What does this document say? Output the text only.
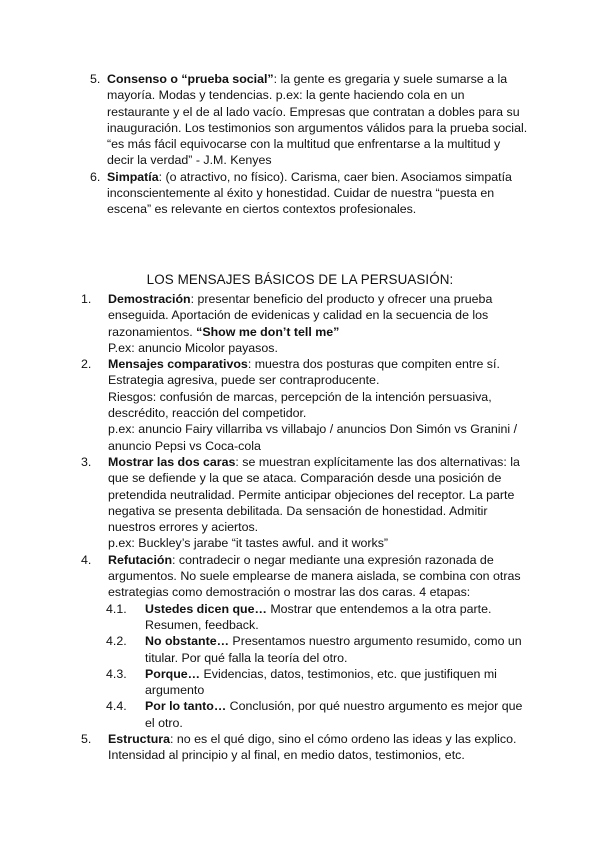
5. Consenso o “prueba social”: la gente es gregaria y suele sumarse a la mayoría. Modas y tendencias. p.ex: la gente haciendo cola en un restaurante y el de al lado vacío. Empresas que contratan a dobles para su inauguración. Los testimonios son argumentos válidos para la prueba social.
“es más fácil equivocarse con la multitud que enfrentarse a la multitud y decir la verdad” - J.M. Kenyes
6. Simpatía: (o atractivo, no físico). Carisma, caer bien. Asociamos simpatía inconscientemente al éxito y honestidad. Cuidar de nuestra “puesta en escena” es relevante en ciertos contextos profesionales.
LOS MENSAJES BÁSICOS DE LA PERSUASIÓN:
1. Demostración: presentar beneficio del producto y ofrecer una prueba enseguida. Aportación de evidenicas y calidad en la secuencia de los razonamientos. “Show me don’t tell me”
P.ex: anuncio Micolor payasos.
2. Mensajes comparativos: muestra dos posturas que compiten entre sí. Estrategia agresiva, puede ser contraproducente.
Riesgos: confusión de marcas, percepción de la intención persuasiva, descrédito, reacción del competidor.
p.ex: anuncio Fairy villarriba vs villabajo / anuncios Don Simón vs Granini / anuncio Pepsi vs Coca-cola
3. Mostrar las dos caras: se muestran explícitamente las dos alternativas: la que se defiende y la que se ataca. Comparación desde una posición de pretendida neutralidad. Permite anticipar objeciones del receptor. La parte negativa se presenta debilitada. Da sensación de honestidad. Admitir nuestros errores y aciertos.
p.ex: Buckley’s jarabe “it tastes awful. and it works”
4. Refutación: contradecir o negar mediante una expresión razonada de argumentos. No suele emplearse de manera aislada, se combina con otras estrategias como demostración o mostrar las dos caras. 4 etapas:
4.1. Ustedes dicen que… Mostrar que entendemos a la otra parte. Resumen, feedback.
4.2. No obstante… Presentamos nuestro argumento resumido, como un titular. Por qué falla la teoría del otro.
4.3. Porque… Evidencias, datos, testimonios, etc. que justifiquen mi argumento
4.4. Por lo tanto… Conclusión, por qué nuestro argumento es mejor que el otro.
5. Estructura: no es el qué digo, sino el cómo ordeno las ideas y las explico. Intensidad al principio y al final, en medio datos, testimonios, etc.
